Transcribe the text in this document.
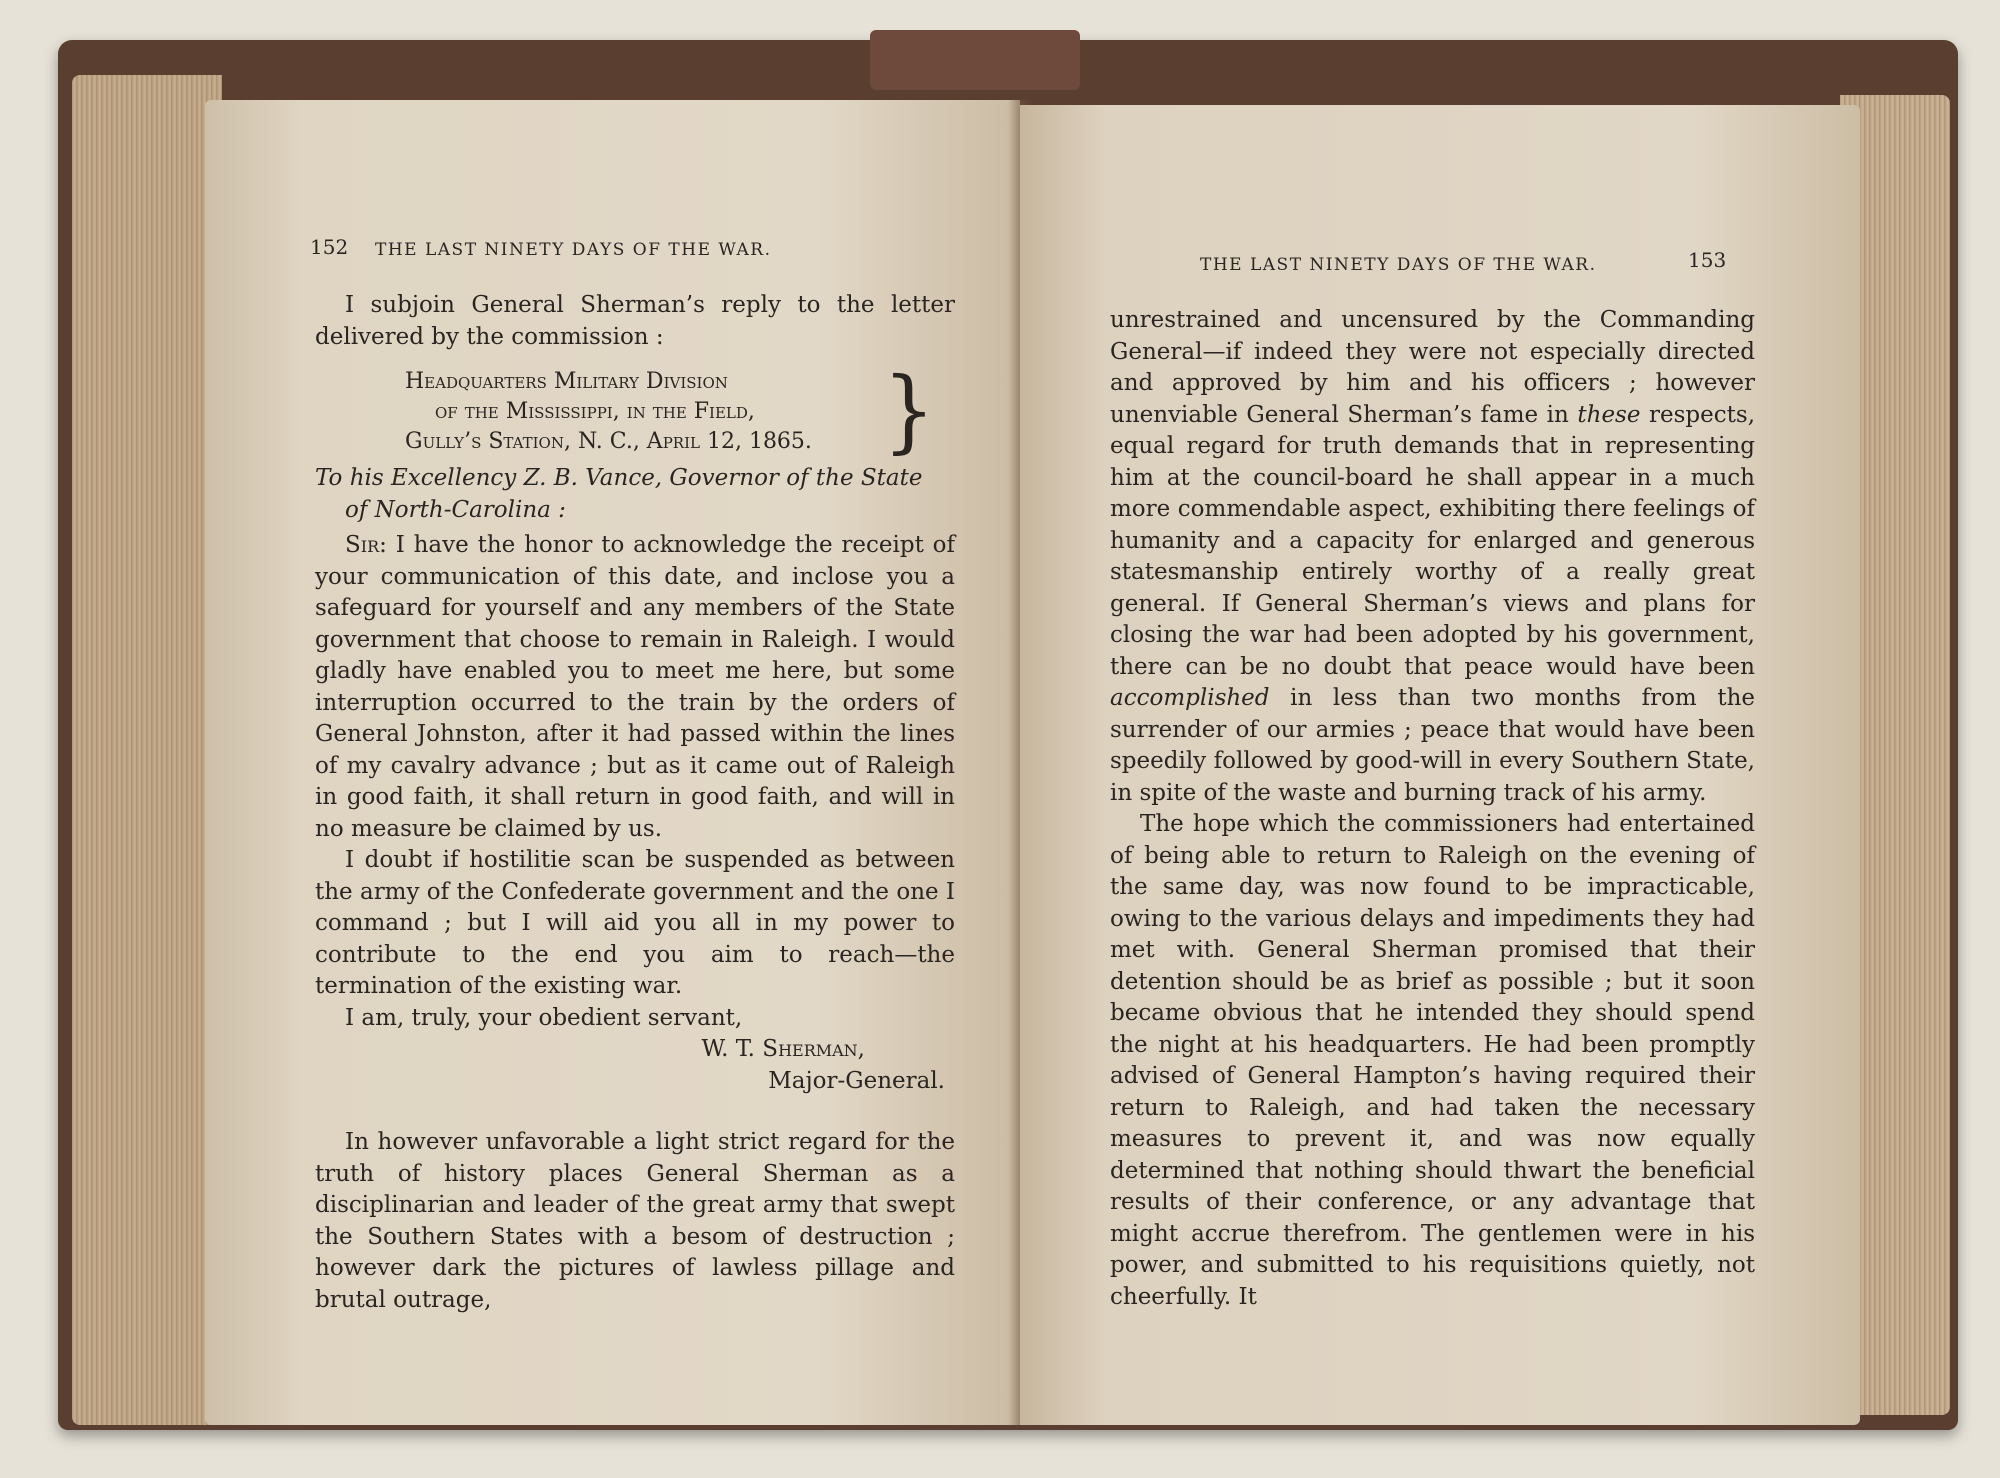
152 THE LAST NINETY DAYS OF THE WAR.

I subjoin General Sherman’s reply to the letter delivered by the commission :

Headquarters Military Division
of the Mississippi, in the Field,
Gully’s Station, N. C., April 12, 1865. }

To his Excellency Z. B. Vance, Governor of the State
of North-Carolina :

Sir: I have the honor to acknowledge the receipt of your communication of this date, and inclose you a safeguard for yourself and any members of the State government that choose to remain in Raleigh. I would gladly have enabled you to meet me here, but some interruption occurred to the train by the orders of General Johnston, after it had passed within the lines of my cavalry advance ; but as it came out of Raleigh in good faith, it shall return in good faith, and will in no measure be claimed by us.

I doubt if hostilitie scan be suspended as between the army of the Confederate government and the one I command ; but I will aid you all in my power to contribute to the end you aim to reach—the termination of the existing war.

I am, truly, your obedient servant,

W. T. Sherman,

Major-General.

In however unfavorable a light strict regard for the truth of history places General Sherman as a disciplinarian and leader of the great army that swept the Southern States with a besom of destruction ; however dark the pictures of lawless pillage and brutal outrage,

THE LAST NINETY DAYS OF THE WAR.	153

unrestrained and uncensured by the Commanding General—if indeed they were not especially directed and approved by him and his officers ; however unenviable General Sherman’s fame in these respects, equal regard for truth demands that in representing him at the council-board he shall appear in a much more commendable aspect, exhibiting there feelings of humanity and a capacity for enlarged and generous statesmanship entirely worthy of a really great general. If General Sherman’s views and plans for closing the war had been adopted by his government, there can be no doubt that peace would have been accomplished in less than two months from the surrender of our armies ; peace that would have been speedily followed by good-will in every Southern State, in spite of the waste and burning track of his army.

The hope which the commissioners had entertained of being able to return to Raleigh on the evening of the same day, was now found to be impracticable, owing to the various delays and impediments they had met with. General Sherman promised that their detention should be as brief as possible ; but it soon became obvious that he intended they should spend the night at his headquarters. He had been promptly advised of General Hampton’s having required their return to Raleigh, and had taken the necessary measures to prevent it, and was now equally determined that nothing should thwart the beneficial results of their conference, or any advantage that might accrue therefrom. The gentlemen were in his power, and submitted to his requisitions quietly, not cheerfully. It
